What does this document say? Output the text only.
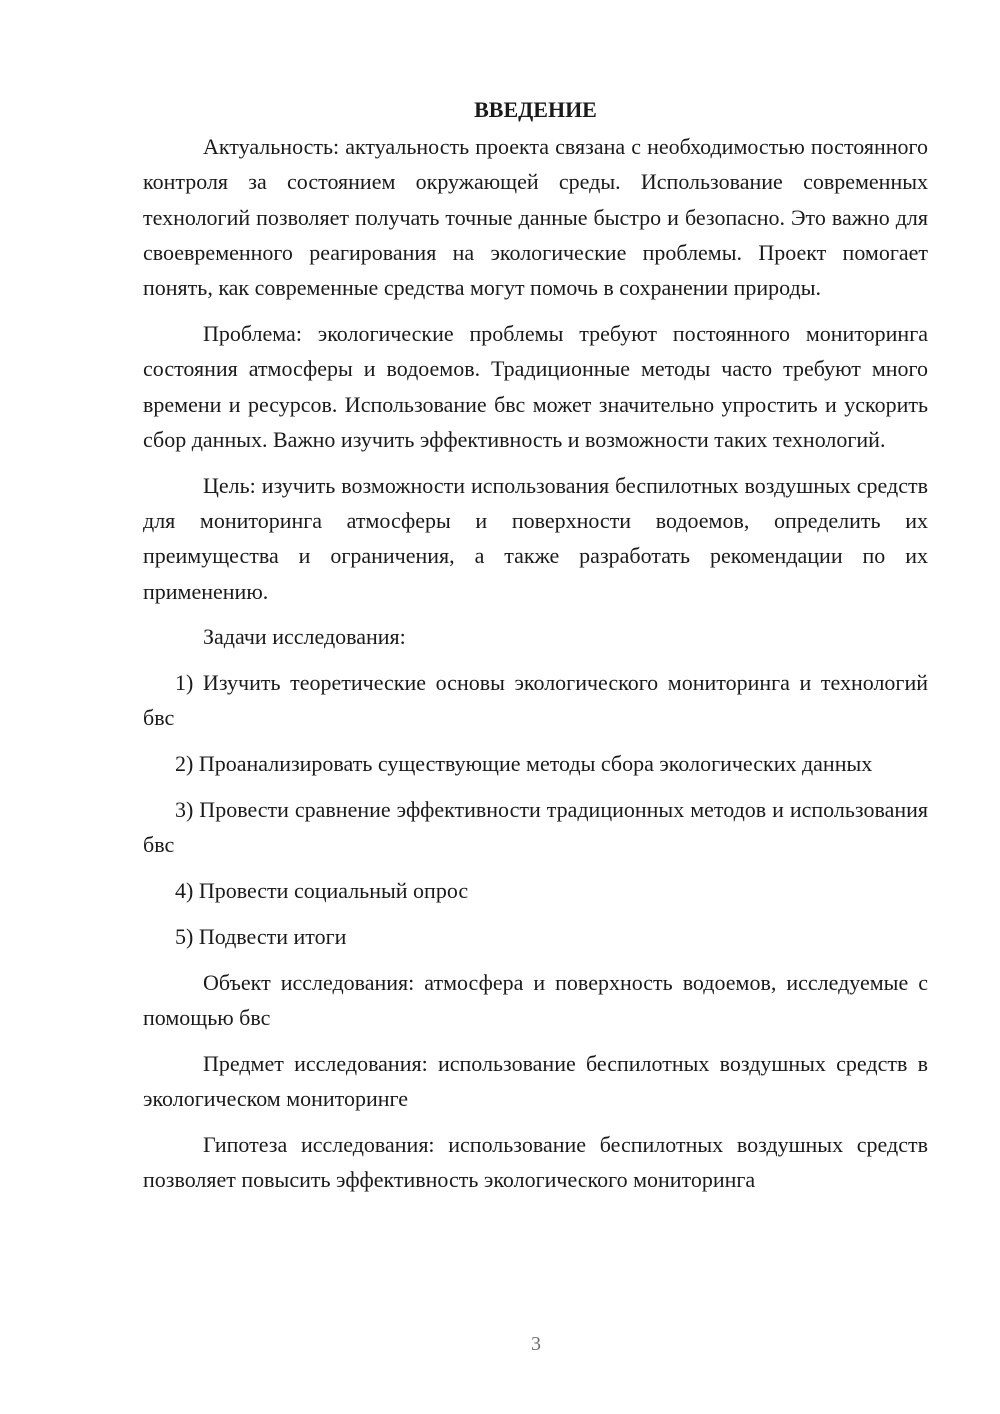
ВВЕДЕНИЕ

Актуальность: актуальность проекта связана с необходимостью постоянного контроля за состоянием окружающей среды. Использование современных технологий позволяет получать точные данные быстро и безопасно. Это важно для своевременного реагирования на экологические проблемы. Проект помогает понять, как современные средства могут помочь в сохранении природы.

Проблема: экологические проблемы требуют постоянного мониторинга состояния атмосферы и водоемов. Традиционные методы часто требуют много времени и ресурсов. Использование бвс может значительно упростить и ускорить сбор данных. Важно изучить эффективность и возможности таких технологий.

Цель: изучить возможности использования беспилотных воздушных средств для мониторинга атмосферы и поверхности водоемов, определить их преимущества и ограничения, а также разработать рекомендации по их применению.

Задачи исследования:

1) Изучить теоретические основы экологического мониторинга и технологий бвс

2) Проанализировать существующие методы сбора экологических данных

3) Провести сравнение эффективности традиционных методов и использования бвс

4) Провести социальный опрос

5) Подвести итоги

Объект исследования: атмосфера и поверхность водоемов, исследуемые с помощью бвс

Предмет исследования: использование беспилотных воздушных средств в экологическом мониторинге

Гипотеза исследования: использование беспилотных воздушных средств позволяет повысить эффективность экологического мониторинга

3
